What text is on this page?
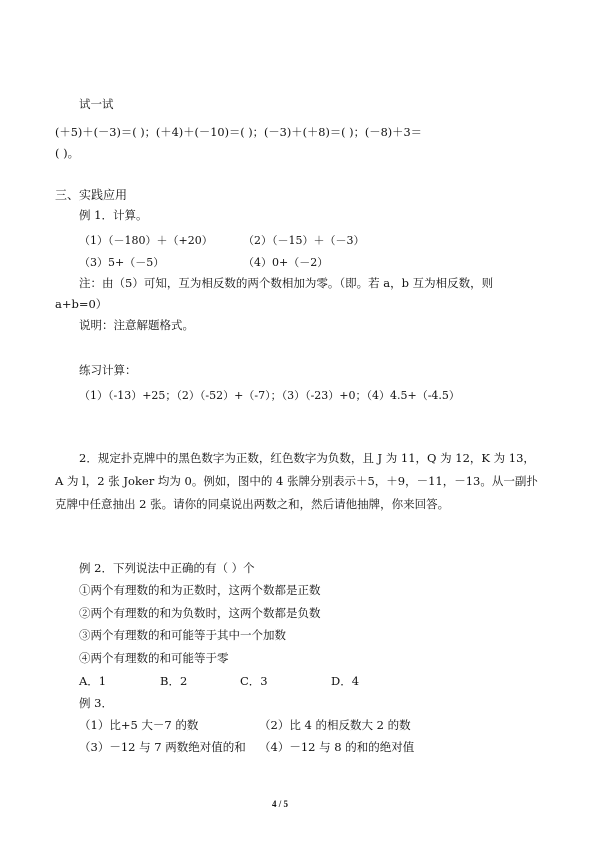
试一试
(＋5)＋(－3)＝( )；(＋4)＋(－10)＝( )；(－3)＋(＋8)＝( )；(－8)＋3＝
( )。
三、实践应用
例 1．计算。
（1）（－180）＋（+20）	（2）（－15）＋（－3）
（3）5+（－5）	（4）0+（－2）
注：由（5）可知，互为相反数的两个数相加为零。（即。若 a，b 互为相反数，则
a+b=0）
说明：注意解题格式。
练习计算：
（1）（-13）+25；（2）（-52）+（-7）；（3）（-23）+0；（4）4.5+（-4.5）
2．规定扑克牌中的黑色数字为正数，红色数字为负数，且 J 为 11，Q 为 12，K 为 13，
A 为 l，2 张 Joker 均为 0。例如，图中的 4 张牌分别表示＋5，＋9，－11，－13。从一副扑
克牌中任意抽出 2 张。请你的同桌说出两数之和，然后请他抽牌，你来回答。
例 2．下列说法中正确的有（ ）个
①两个有理数的和为正数时，这两个数都是正数
②两个有理数的和为负数时，这两个数都是负数
③两个有理数的和可能等于其中一个加数
④两个有理数的和可能等于零
A．1	B．2	C．3	D．4
例 3．
（1）比+5 大－7 的数	（2）比 4 的相反数大 2 的数
（3）－12 与 7 两数绝对值的和 （4）－12 与 8 的和的绝对值
4 / 5
